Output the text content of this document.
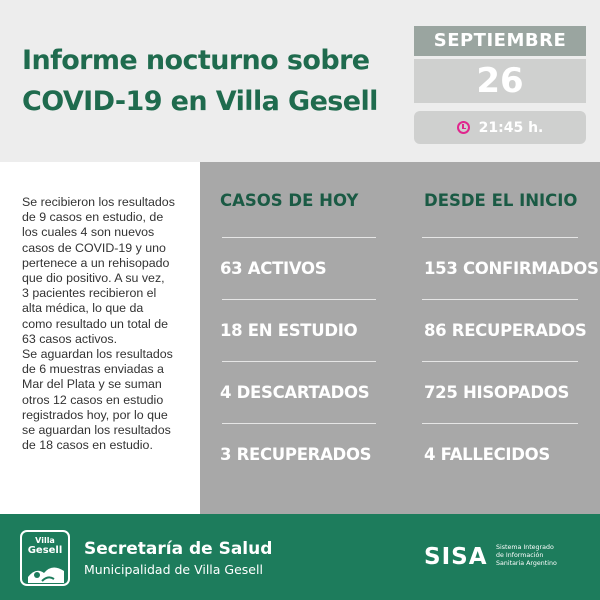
Informe nocturno sobre
COVID-19 en Villa Gesell
SEPTIEMBRE
26
21:45 h.
Se recibieron los resultados
de 9 casos en estudio, de
los cuales 4 son nuevos
casos de COVID-19 y uno
pertenece a un rehisopado
que dio positivo. A su vez,
3 pacientes recibieron el
alta médica, lo que da
como resultado un total de
63 casos activos.
Se aguardan los resultados
de 6 muestras enviadas a
Mar del Plata y se suman
otros 12 casos en estudio
registrados hoy, por lo que
se aguardan los resultados
de 18 casos en estudio.
CASOS DE HOY
63 ACTIVOS
18 EN ESTUDIO
4 DESCARTADOS
3 RECUPERADOS
DESDE EL INICIO
153 CONFIRMADOS
86 RECUPERADOS
725 HISOPADOS
4 FALLECIDOS
Villa
Gesell	Secretaría de Salud
Municipalidad de Villa Gesell	SISA Sistema Integrado
de Información
Sanitaria Argentino
